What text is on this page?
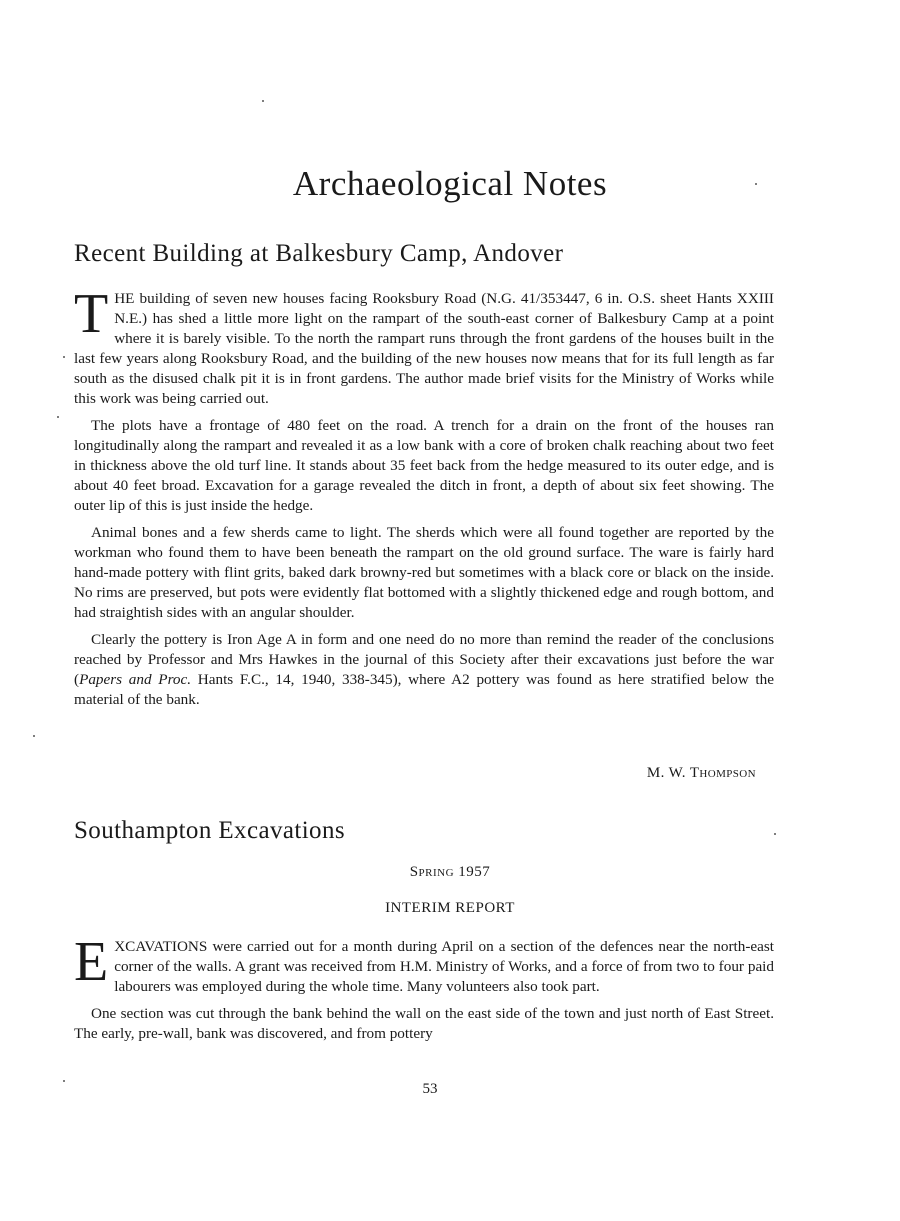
Archaeological Notes
Recent Building at Balkesbury Camp, Andover

THE building of seven new houses facing Rooksbury Road (N.G. 41/353447, 6 in. O.S. sheet Hants XXIII N.E.) has shed a little more light on the rampart of the south-east corner of Balkesbury Camp at a point where it is barely visible. To the north the rampart runs through the front gardens of the houses built in the last few years along Rooksbury Road, and the building of the new houses now means that for its full length as far south as the disused chalk pit it is in front gardens. The author made brief visits for the Ministry of Works while this work was being carried out.

The plots have a frontage of 480 feet on the road. A trench for a drain on the front of the houses ran longitudinally along the rampart and revealed it as a low bank with a core of broken chalk reaching about two feet in thickness above the old turf line. It stands about 35 feet back from the hedge measured to its outer edge, and is about 40 feet broad. Excavation for a garage revealed the ditch in front, a depth of about six feet showing. The outer lip of this is just inside the hedge.

Animal bones and a few sherds came to light. The sherds which were all found together are reported by the workman who found them to have been beneath the rampart on the old ground surface. The ware is fairly hard hand-made pottery with flint grits, baked dark browny-red but sometimes with a black core or black on the inside. No rims are preserved, but pots were evidently flat bottomed with a slightly thickened edge and rough bottom, and had straightish sides with an angular shoulder.

Clearly the pottery is Iron Age A in form and one need do no more than remind the reader of the conclusions reached by Professor and Mrs Hawkes in the journal of this Society after their excavations just before the war (Papers and Proc. Hants F.C., 14, 1940, 338-345), where A2 pottery was found as here stratified below the material of the bank.

M. W. Thompson
Southampton Excavations
Spring 1957
INTERIM REPORT

EXCAVATIONS were carried out for a month during April on a section of the defences near the north-east corner of the walls. A grant was received from H.M. Ministry of Works, and a force of from two to four paid labourers was employed during the whole time. Many volunteers also took part.

One section was cut through the bank behind the wall on the east side of the town and just north of East Street. The early, pre-wall, bank was discovered, and from pottery

53
